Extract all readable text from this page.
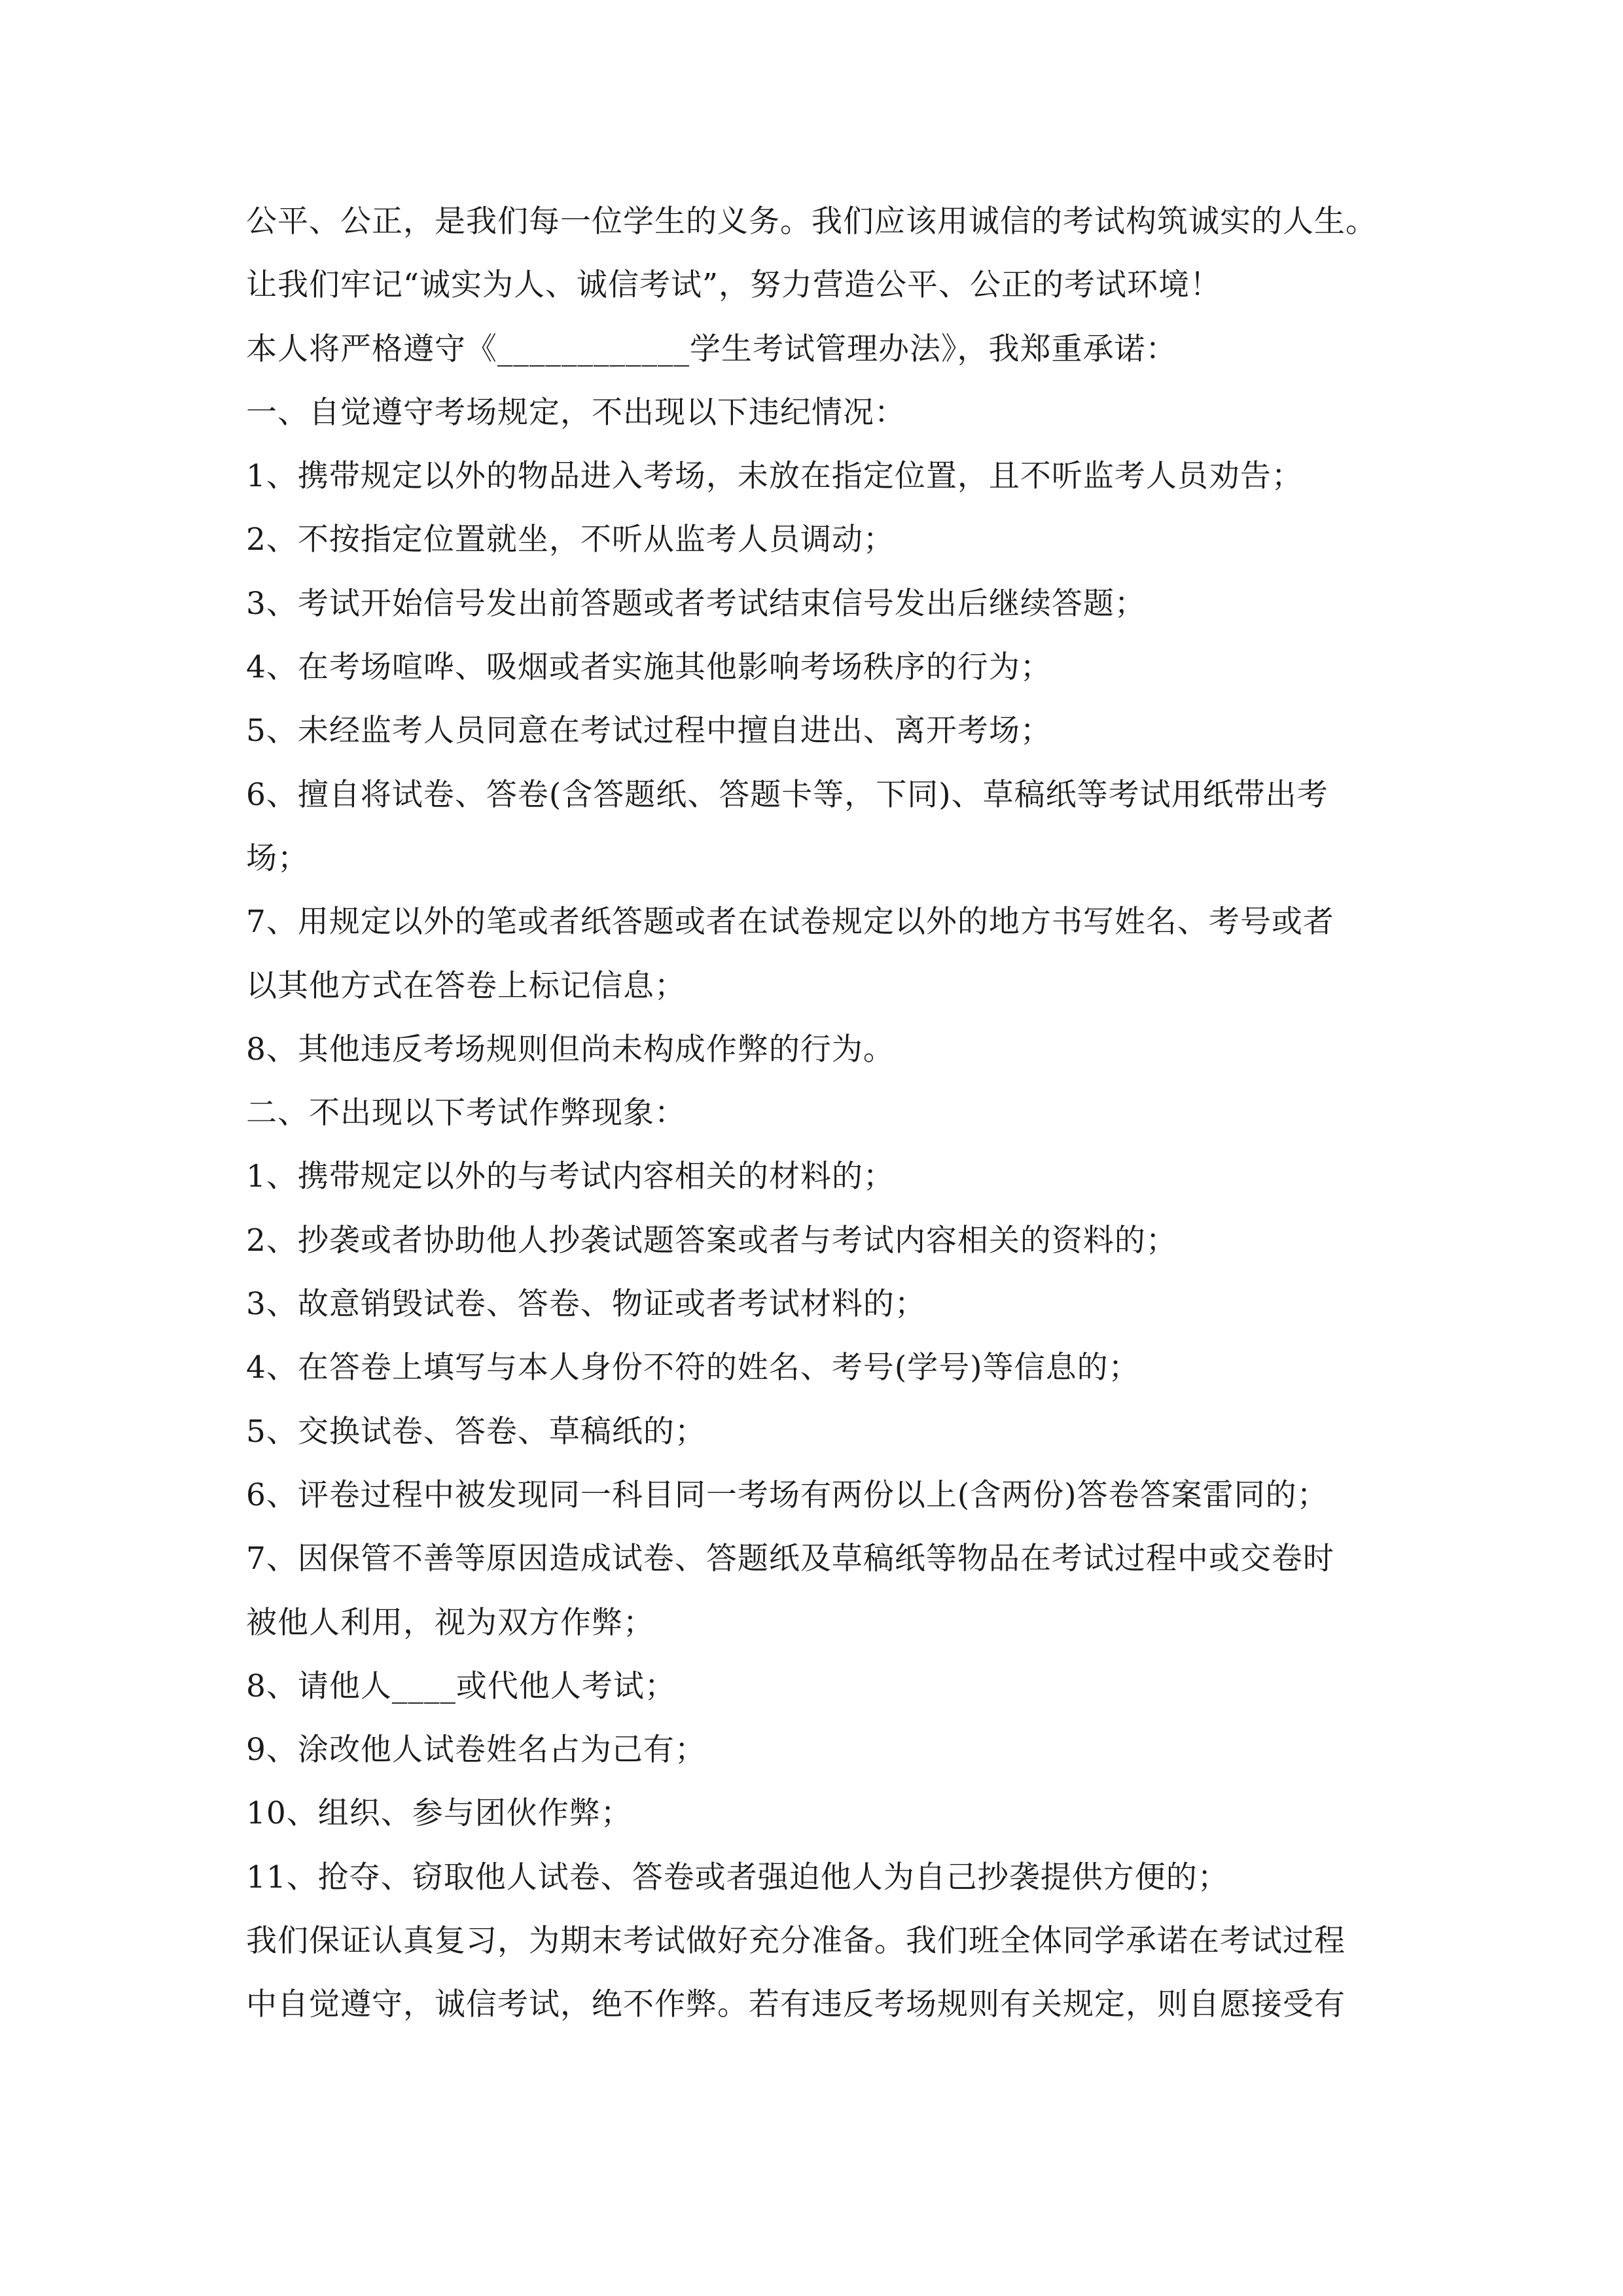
公平、公正，是我们每一位学生的义务。我们应该用诚信的考试构筑诚实的人生。
让我们牢记“诚实为人、诚信考试”，努力营造公平、公正的考试环境！
本人将严格遵守《____________学生考试管理办法》，我郑重承诺：
一、自觉遵守考场规定，不出现以下违纪情况：
1、携带规定以外的物品进入考场，未放在指定位置，且不听监考人员劝告；
2、不按指定位置就坐，不听从监考人员调动；
3、考试开始信号发出前答题或者考试结束信号发出后继续答题；
4、在考场喧哗、吸烟或者实施其他影响考场秩序的行为；
5、未经监考人员同意在考试过程中擅自进出、离开考场；
6、擅自将试卷、答卷(含答题纸、答题卡等，下同)、草稿纸等考试用纸带出考
场；
7、用规定以外的笔或者纸答题或者在试卷规定以外的地方书写姓名、考号或者
以其他方式在答卷上标记信息；
8、其他违反考场规则但尚未构成作弊的行为。
二、不出现以下考试作弊现象：
1、携带规定以外的与考试内容相关的材料的；
2、抄袭或者协助他人抄袭试题答案或者与考试内容相关的资料的；
3、故意销毁试卷、答卷、物证或者考试材料的；
4、在答卷上填写与本人身份不符的姓名、考号(学号)等信息的；
5、交换试卷、答卷、草稿纸的；
6、评卷过程中被发现同一科目同一考场有两份以上(含两份)答卷答案雷同的；
7、因保管不善等原因造成试卷、答题纸及草稿纸等物品在考试过程中或交卷时
被他人利用，视为双方作弊；
8、请他人____或代他人考试；
9、涂改他人试卷姓名占为己有；
10、组织、参与团伙作弊；
11、抢夺、窃取他人试卷、答卷或者强迫他人为自己抄袭提供方便的；
我们保证认真复习，为期末考试做好充分准备。我们班全体同学承诺在考试过程
中自觉遵守，诚信考试，绝不作弊。若有违反考场规则有关规定，则自愿接受有
